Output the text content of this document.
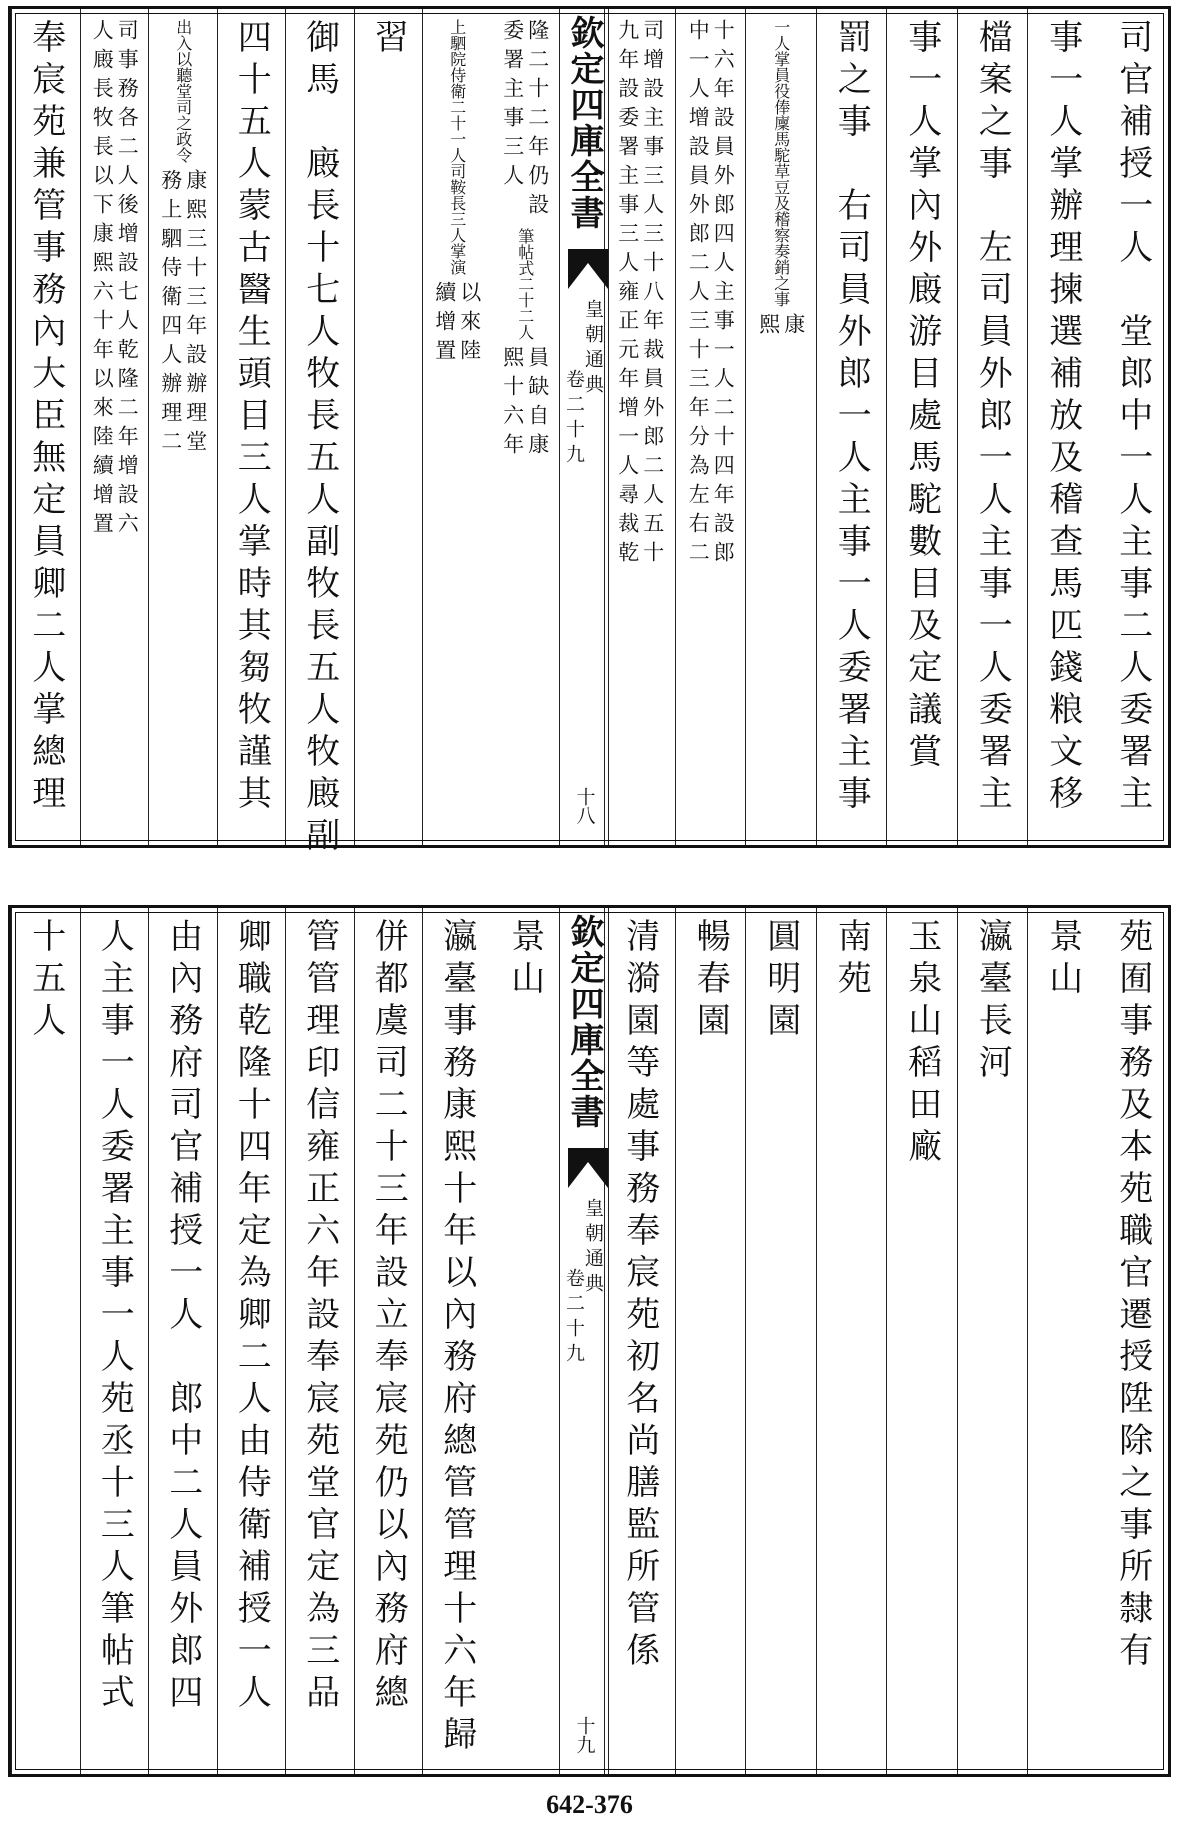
司官補授一人　堂郎中一人主事二人委署主
事一人掌辦理揀選補放及稽查馬匹錢粮文移
檔案之事　左司員外郎一人主事一人委署主
事一人掌內外廄游目處馬駝數目及定議賞
罰之事　右司員外郎一人主事一人委署主事
一人掌員役俸廩馬駝草豆及稽察奏銷之事
康
熙
十六年設員外郎四人主事一人二十四年設郎
中一人增設員外郎二人三十三年分為左右二
司增設主事三人三十八年裁員外郎二人五十
九年設委署主事三人雍正元年增一人尋裁乾
欽定四庫全書
皇朝通典
卷二十九
十八
隆二十二年仍設
委署主事三人
筆帖式二十二人
員缺自康
熙十六年
上駟院侍衛二十一人司鞍長三人掌演
以來陸
續增置
習
御馬　廄長十七人牧長五人副牧長五人牧廄副
四十五人蒙古醫生頭目三人掌時其芻牧謹其
出入以聽堂司之政令
康熙三十三年設辦理堂
務上駟侍衛四人辦理二
司事務各二人後增設七人乾隆二年增設六
人廄長牧長以下康熙六十年以來陸續增置
奉宸苑兼管事務內大臣無定員卿二人掌總理
苑囿事務及本苑職官遷授陞除之事所隸有
景山
瀛臺長河
玉泉山稻田廠
南苑
圓明園
暢春園
清漪園等處事務奉宸苑初名尚膳監所管係
欽定四庫全書
皇朝通典
卷二十九
十九
景山
瀛臺事務康熙十年以內務府總管管理十六年歸
併都虞司二十三年設立奉宸苑仍以內務府總
管管理印信雍正六年設奉宸苑堂官定為三品
卿職乾隆十四年定為卿二人由侍衛補授一人
由內務府司官補授一人　郎中二人員外郎四
人主事一人委署主事一人苑丞十三人筆帖式
十五人
642-376
